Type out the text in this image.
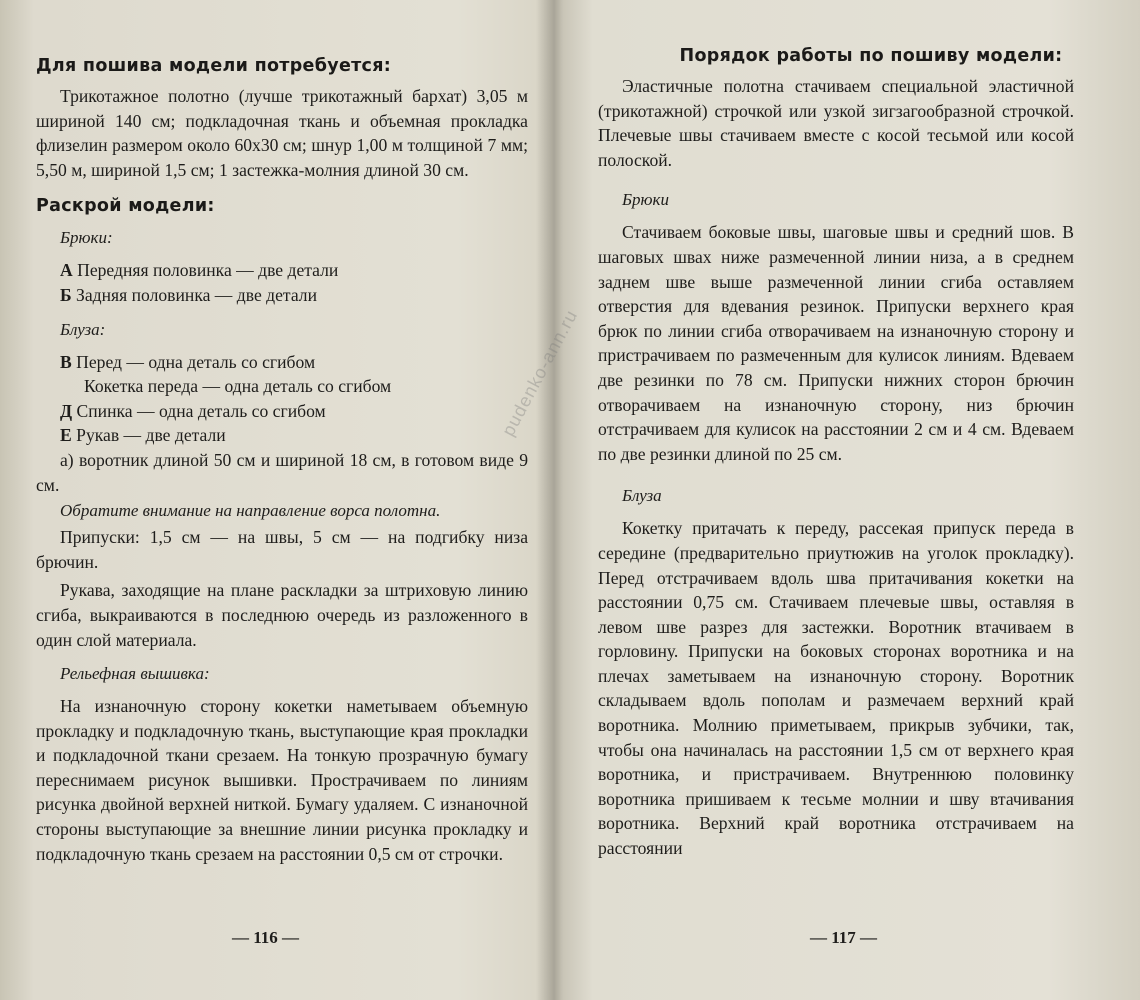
Для пошива модели потребуется:

Трикотажное полотно (лучше трикотажный бархат) 3,05 м шириной 140 см; подкладочная ткань и объемная прокладка флизелин размером около 60х30 см; шнур 1,00 м толщиной 7 мм; 5,50 м, шириной 1,5 см; 1 застежка-молния длиной 30 см.

Раскрой модели:
Брюки:
А Передняя половинка — две детали
Б Задняя половинка — две детали
Блуза:
В Перед — одна деталь со сгибом
Кокетка переда — одна деталь со сгибом
Д Спинка — одна деталь со сгибом
Е Рукав — две детали

а) воротник длиной 50 см и шириной 18 см, в готовом виде 9 см.

Обратите внимание на направление ворса полотна.

Припуски: 1,5 см — на швы, 5 см — на подгибку низа брючин.

Рукава, заходящие на плане раскладки за штриховую линию сгиба, выкраиваются в последнюю очередь из разложенного в один слой материала.

Рельефная вышивка:

На изнаночную сторону кокетки наметываем объемную прокладку и подкладочную ткань, выступающие края прокладки и подкладочной ткани срезаем. На тонкую прозрачную бумагу переснимаем рисунок вышивки. Прострачиваем по линиям рисунка двойной верхней ниткой. Бумагу удаляем. С изнаночной стороны выступающие за внешние линии рисунка прокладку и подкладочную ткань срезаем на расстоянии 0,5 см от строчки.

— 116 —
Порядок работы по пошиву модели:

Эластичные полотна стачиваем специальной эластичной (трикотажной) строчкой или узкой зигзагообразной строчкой. Плечевые швы стачиваем вместе с косой тесьмой или косой полоской.

Брюки

Стачиваем боковые швы, шаговые швы и средний шов. В шаговых швах ниже размеченной линии низа, а в среднем заднем шве выше размеченной линии сгиба оставляем отверстия для вдевания резинок. Припуски верхнего края брюк по линии сгиба отворачиваем на изнаночную сторону и пристрачиваем по размеченным для кулисок линиям. Вдеваем две резинки по 78 см. Припуски нижних сторон брючин отворачиваем на изнаночную сторону, низ брючин отстрачиваем для кулисок на расстоянии 2 см и 4 см. Вдеваем по две резинки длиной по 25 см.

Блуза

Кокетку притачать к переду, рассекая припуск переда в середине (предварительно приутюжив на уголок прокладку). Перед отстрачиваем вдоль шва притачивания кокетки на расстоянии 0,75 см. Стачиваем плечевые швы, оставляя в левом шве разрез для застежки. Воротник втачиваем в горловину. Припуски на боковых сторонах воротника и на плечах заметываем на изнаночную сторону. Воротник складываем вдоль пополам и размечаем верхний край воротника. Молнию приметываем, прикрыв зубчики, так, чтобы она начиналась на расстоянии 1,5 см от верхнего края воротника, и пристрачиваем. Внутреннюю половинку воротника пришиваем к тесьме молнии и шву втачивания воротника. Верхний край воротника отстрачиваем на расстоянии

— 117 —
pudenko-ann.ru
